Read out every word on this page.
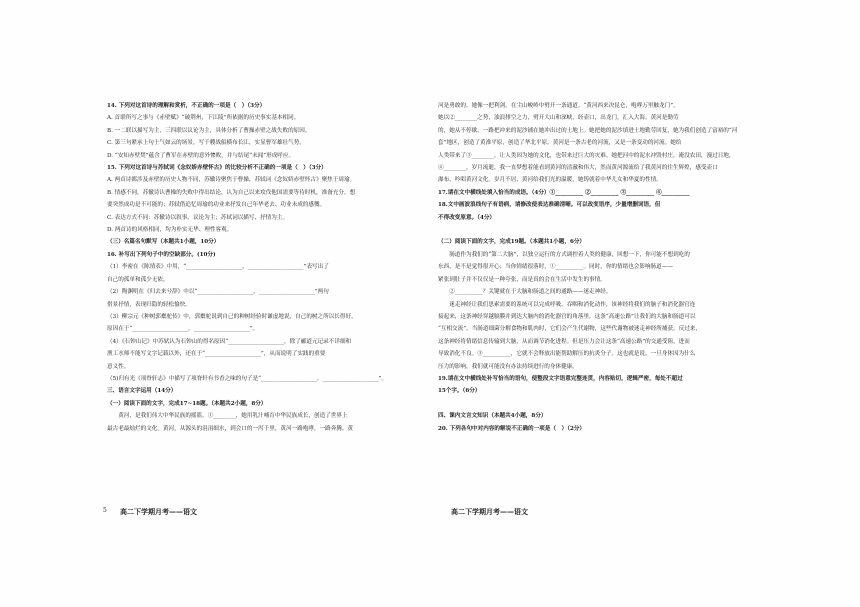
14. 下列对这首诗的理解和赏析，不正确的一项是（　）（3分）
A. 首联所写之事与《赤壁赋》“破荆州，下江陵”所依据的历史事实基本相同。
B. 一二联以描写为主，三四联以议论为主，具体分析了曹操赤壁之战失败的原因。
C. 第三句紧承上句士气如云的场景，写千艘战船横布长江，实显曹军雄壮气势。
D. “安知赤壁焚”蕴含了曹军在赤壁的意外惨败，并与结尾“未闻”形成呼应。
15. 下列对这首诗与苏轼词《念奴娇赤壁怀古》的比较分析不正确的一项是（　）（3分）
A. 两首诗都涉及赤壁的历史人物不同，苏辙诗聚焦于曹操，苏轼词《念奴娇赤壁怀古》聚焦于周瑜。
B. 情感不同，苏辙诗认曹操的失败中得出结论，认为自己以来攻伐他国需要等待时机，准备充分，想
要突然成功是不可能的；苏轼借追忆周瑜的功业来抒发自己年华老去、功业未成的感慨。
C. 表达方式不同：苏辙诗以叙事、议论为主；苏轼词以描写、抒情为主。
D. 两首诗的风格相同，均为朴实无华、理性客观。
（三）名篇名句默写（本题共1小题，10分）
16. 补写出下列句子中的空缺部分。(10分)
（1）李密在《陈情表》中用，“____________________，____________________”表写出了
自己的孤单和孤少无依。
（2）陶渊明在《归去来兮辞》中以“____________________，____________________”两句
借景抒情，表现归隐的轻松愉快。
（3）柳宗元《种树郭橐驼传》中，郭橐驼说到自己的种树经验时谦虚地说，自己的树之所以长得好，
原因在于“____________________，____________________”。
（4）《石钟山记》中苏轼认为石钟山的得名原因“____________________，除了郦道元记录不详细和
渔工水师不能写文字记载以外，还在于“____________________”，从而说明了实践的重要
意义性。
（5)归有光《项脊轩志》中描写了项脊轩有书香之味的句子是“____________________，____________________”。
三、语言文字运用（14分）
（一）阅读下面的文字，完成17~18题。（本题共2小题，8分）
　　黄河，是我们伟大中华民族的摇篮。①________，她用乳汁哺育中华民族成长，创造了世界上
最古老最灿烂的文化。黄河，从源头的涓涓细水，到会口的一泻千里，黄河一路咆哮，一路奔腾，黄
河是勇敢的。她像一把利剑，在尘山峻岭中劈开一条通道。“黄河西来决昆仑，咆哮万里触龙门”，
她以②________之势，浊浪排空之力，劈开大山和深峡，经壶口，出龙门，汇入大海。黄河是勤劳
的，她从不停歇，一路把冲来的泥沙铺在她冲出过的土地上。她把她的泥沙填进土地勤劳回复，她为我们创造了富裕的“河
套”地区，创造了黄淮平原，创造了华北平原。黄河是一条古老的河流，又是一条变动的河流。她给
人类带来了③________，让人类因为她的文化，也带来过巨大的灾难。她把河中的泥水冲毁村庄，淹没农田，漫过日地，
④________，岁月流逝，我一直梦想着能看到黄河的清澈和伟大，然而黄河源流给了我黄河的往生辉煌，感受壶口
瀑布，吟唱黄河文化。岁月不居，黄河给我们光的温暖，她铸就着中华儿女和华夏的性情。
17.请在文中横线处填入恰当的成语。（4分）①__________ ②__________ ③__________ ④__________
18.文中画波浪线句子有语病，请修改使表达准确清晰。可以改变语序，少量增删词语，但
不得改变原意。（4分）

（二）阅读下面的文字，完成19题。（本题共1小题，6分）
　　肠道作为我们的“第二大脑”，以独立运行的方式调控着人类的健康，回想一下，你可能不想到吃的
东西，是不是觉得很开心；当你情绪很落时，①__________。同时，你的情绪也会影响肠道——
紧张到肚子并不仅仅是一种夸张，而是真的会在生活中发生的事情。
　　②__________？关键就在于大脑和肠道之间的通路——迷走神经。
　　迷走神经让我们思索需要的系统可以完成呼吸、吞咽和消化动作，该神经将我们的脑子和消化器官连
接起来，这条神经穿越膈膜并到达大脑内的消化器官的角落里。这条“高速公路”让我们的大脑和肠道可以
“互相交流”。当肠道细菌分解食物和肌肉时，它们会产生代谢物，这些代谢物被迷走神经所捕获。反过来，
这条神经将情绪信息传输到大脑，从而调节消化进程。但是压力会让这条“高速公路”的交通受阻，进而
导致消化不良。③__________，它就不会释放出能帮助解压的抗炎分子。这也就是说，一旦身体因为什么
压力的影响，我们就可能没有办法持续进行的身体健康。
19.请在文中横线处补写恰当的语句，使整段文字语意完整连贯，内容贴切，逻辑严密，每处不超过
15个字。（6分）

四、课内文言文知识（本题共4小题，8分）
20. 下列各句中对内容的解说不正确的一项是（　）（2分）
5 高二下学期月考——语文	高二下学期月考——语文
